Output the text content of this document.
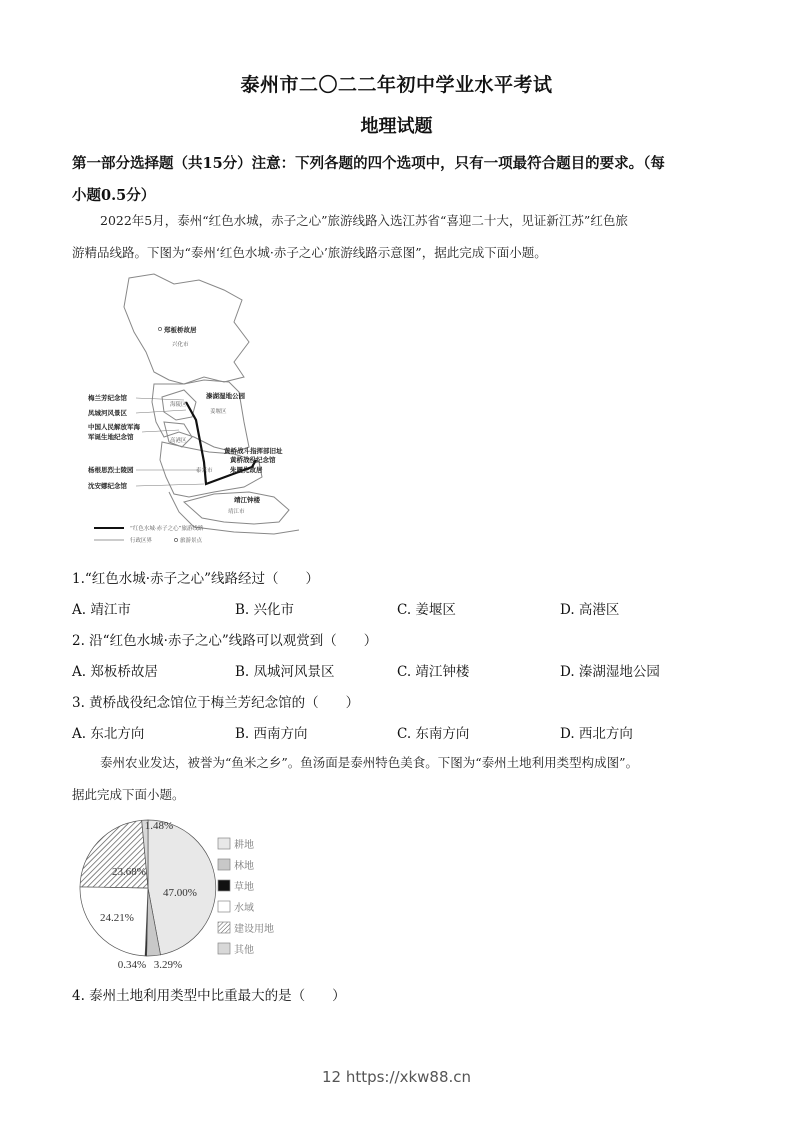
泰州市二〇二二年初中学业水平考试
地理试题
第一部分选择题（共15分）注意：下列各题的四个选项中，只有一项最符合题目的要求。（每
小题0.5分）
2022年5月，泰州“红色水城，赤子之心”旅游线路入选江苏省“喜迎二十大，见证新江苏”红色旅
游精品线路。下图为“泰州‘红色水城·赤子之心’旅游线路示意图”，据此完成下面小题。
郑板桥故居
兴化市
梅兰芳纪念馆
凤城河风景区
中国人民解放军海
军诞生地纪念馆
杨根思烈士陵园
沈安娜纪念馆
溱湖湿地公园
姜堰区
海陵区
高港区
黄桥战斗指挥部旧址
黄桥战役纪念馆
朱履先故居
泰兴市
靖江钟楼
靖江市
“红色水城·赤子之心”旅游线路
行政区界	旅游景点
1.“红色水城·赤子之心”线路经过（　　）
A. 靖江市	B. 兴化市	C. 姜堰区	D. 高港区
2. 沿“红色水城·赤子之心”线路可以观赏到（　　）
A. 郑板桥故居	B. 凤城河风景区	C. 靖江钟楼	D. 溱湖湿地公园
3. 黄桥战役纪念馆位于梅兰芳纪念馆的（　　）
A. 东北方向	B. 西南方向	C. 东南方向	D. 西北方向
泰州农业发达，被誉为“鱼米之乡”。鱼汤面是泰州特色美食。下图为“泰州土地利用类型构成图”。
据此完成下面小题。
1.48%
23.68%
47.00%
24.21%
0.34% 3.29%
耕地
林地
草地
水域
建设用地
其他
4. 泰州土地利用类型中比重最大的是（　　）
12 https://xkw88.cn
